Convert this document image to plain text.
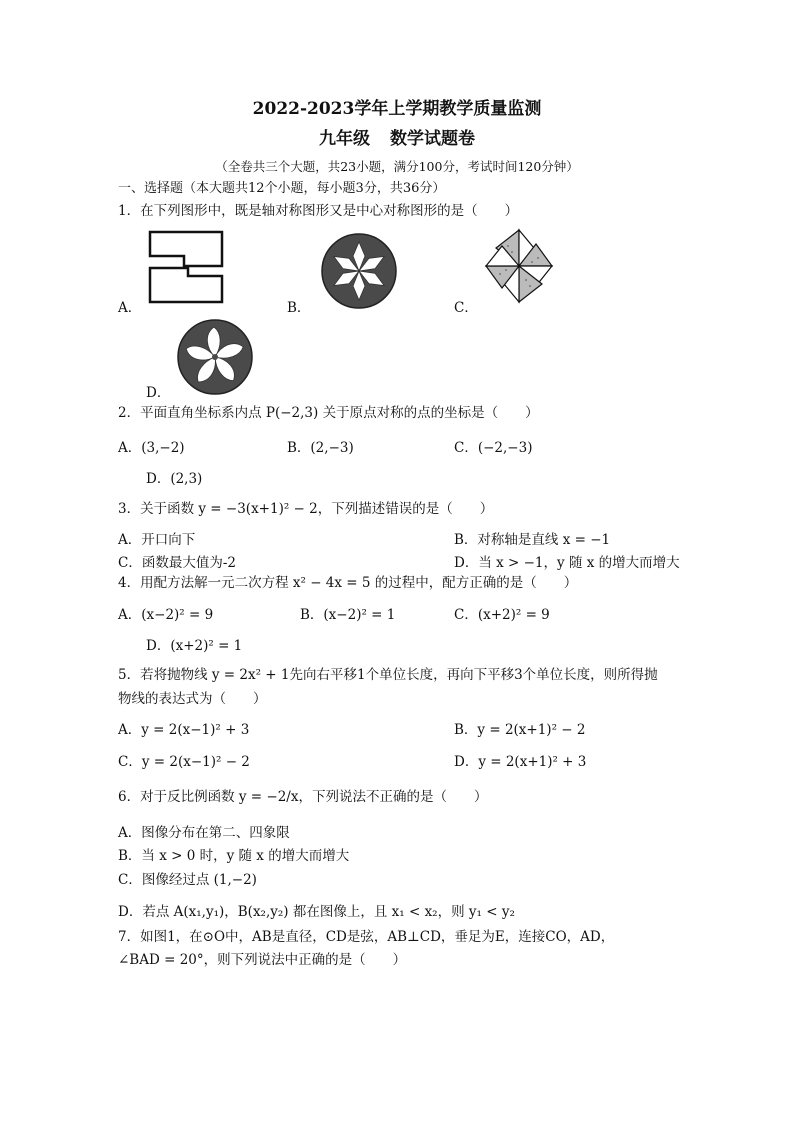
2022-2023学年上学期教学质量监测
九年级 数学试题卷
（全卷共三个大题，共23小题，满分100分，考试时间120分钟）
一、选择题（本大题共12个小题，每小题3分，共36分）
1．在下列图形中，既是轴对称图形又是中心对称图形的是（　　）
A．	B．	C．
D．
2．平面直角坐标系内点 P(−2,3) 关于原点对称的点的坐标是（　　）
A．(3,−2)	B．(2,−3)	C．(−2,−3)
D．(2,3)
3．关于函数 y = −3(x+1)² − 2，下列描述错误的是（　　）
A．开口向下	B．对称轴是直线 x = −1
C．函数最大值为-2	D．当 x > −1，y 随 x 的增大而增大
4．用配方法解一元二次方程 x² − 4x = 5 的过程中，配方正确的是（　　）
A．(x−2)² = 9	B．(x−2)² = 1	C．(x+2)² = 9
D．(x+2)² = 1
5．若将抛物线 y = 2x² + 1先向右平移1个单位长度，再向下平移3个单位长度，则所得抛
物线的表达式为（　　）
A．y = 2(x−1)² + 3	B．y = 2(x+1)² − 2
C．y = 2(x−1)² − 2	D．y = 2(x+1)² + 3
6．对于反比例函数 y = −2/x，下列说法不正确的是（　　）
A．图像分布在第二、四象限
B．当 x > 0 时，y 随 x 的增大而增大
C．图像经过点 (1,−2)
D．若点 A(x₁,y₁)，B(x₂,y₂) 都在图像上，且 x₁ < x₂，则 y₁ < y₂
7．如图1，在⊙O中，AB是直径，CD是弦，AB⊥CD，垂足为E，连接CO，AD，
∠BAD = 20°，则下列说法中正确的是（　　）
